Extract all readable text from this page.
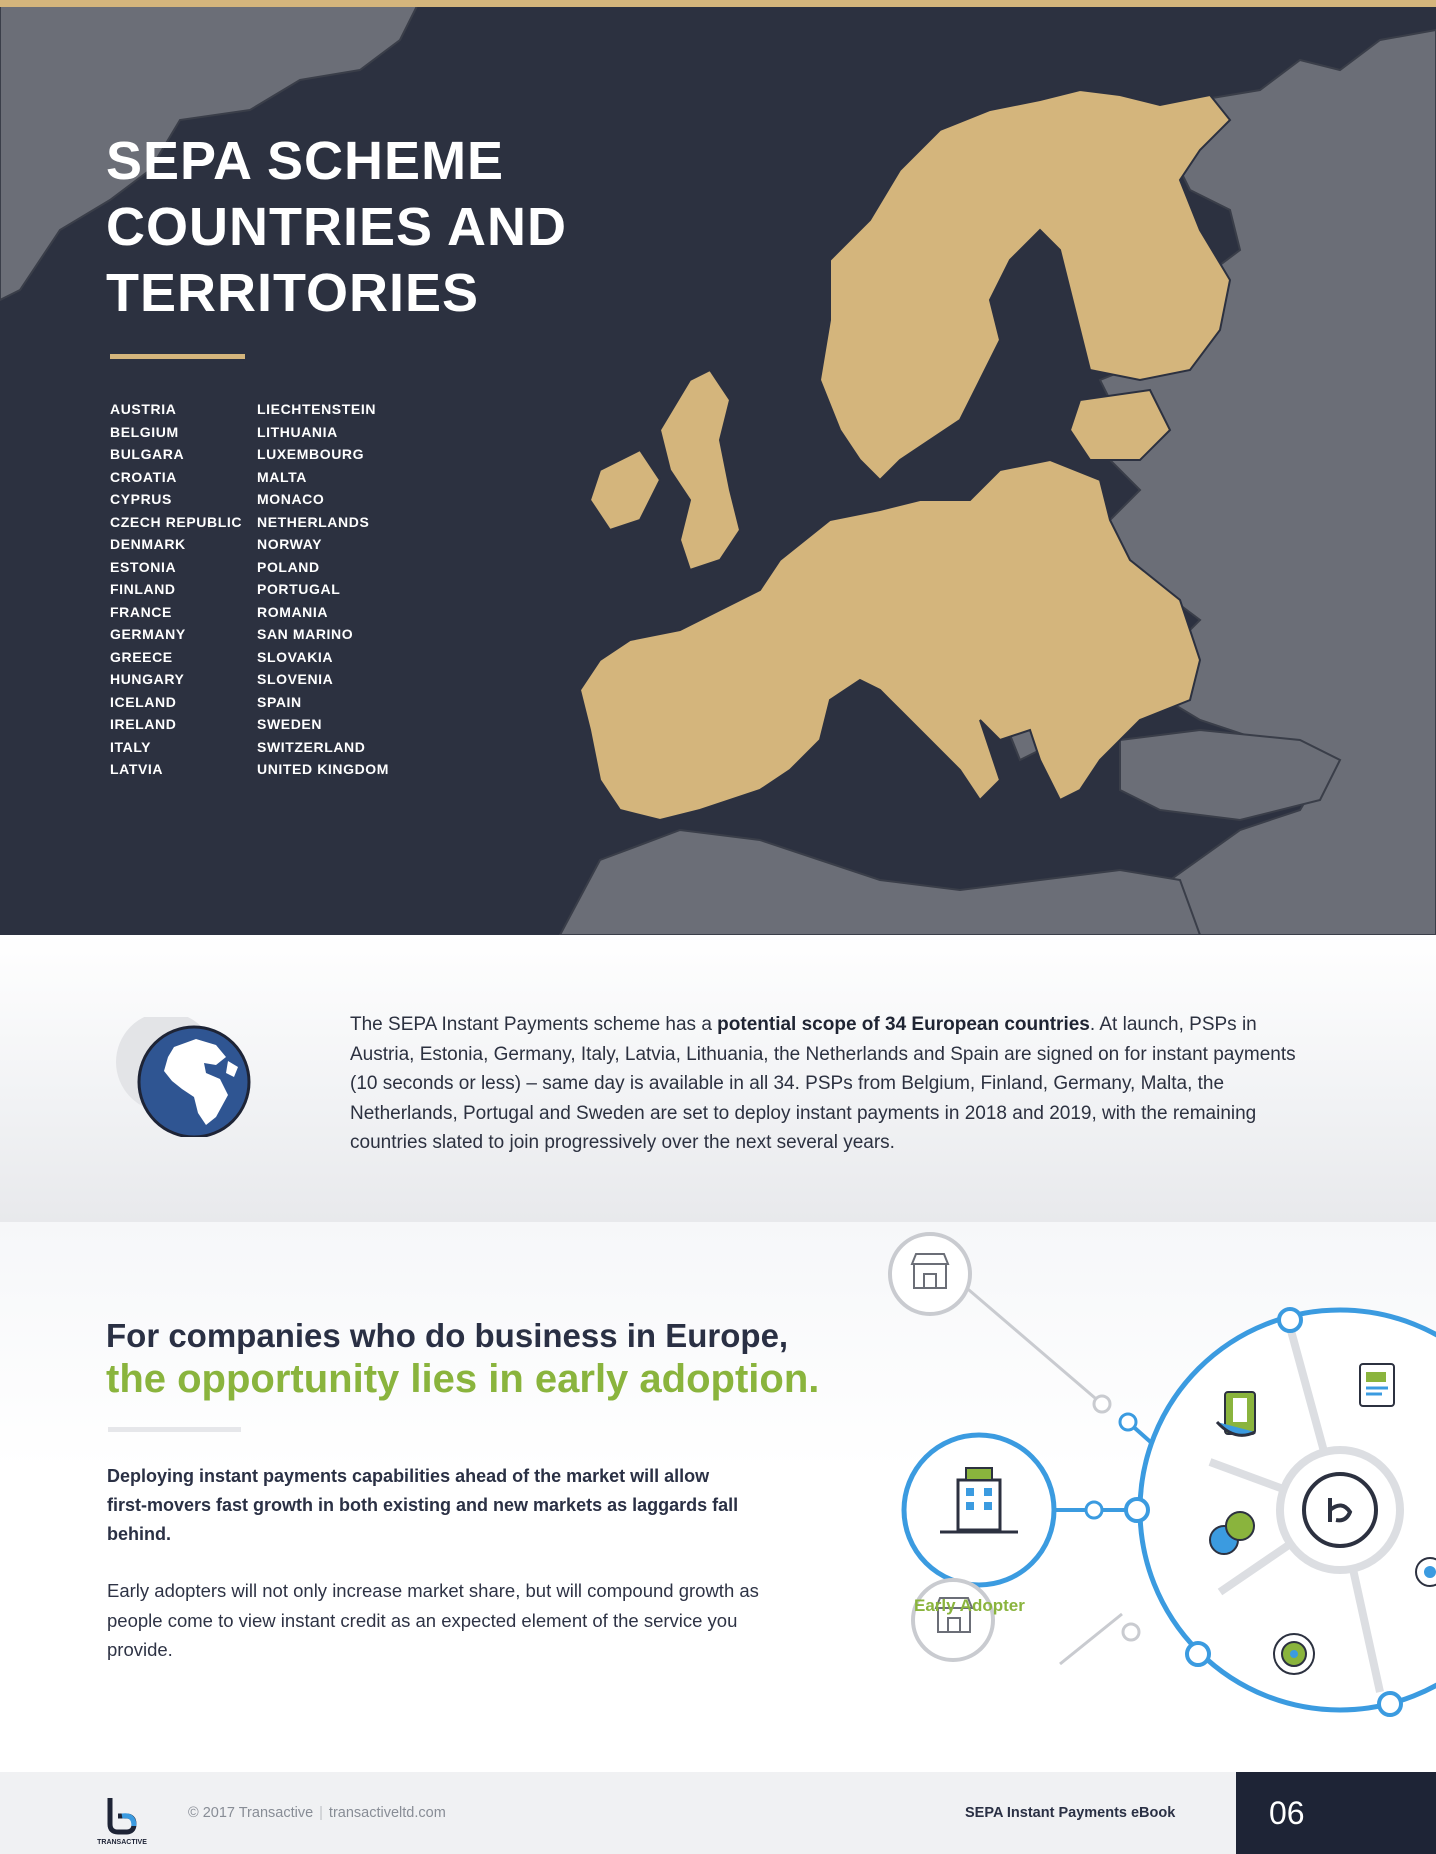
SEPA SCHEME
COUNTRIES AND
TERRITORIES
AUSTRIA
BELGIUM
BULGARA
CROATIA
CYPRUS
CZECH REPUBLIC
DENMARK
ESTONIA
FINLAND
FRANCE
GERMANY
GREECE
HUNGARY
ICELAND
IRELAND
ITALY
LATVIA
LIECHTENSTEIN
LITHUANIA
LUXEMBOURG
MALTA
MONACO
NETHERLANDS
NORWAY
POLAND
PORTUGAL
ROMANIA
SAN MARINO
SLOVAKIA
SLOVENIA
SPAIN
SWEDEN
SWITZERLAND
UNITED KINGDOM

The SEPA Instant Payments scheme has a potential scope of 34 European countries. At launch, PSPs in Austria, Estonia, Germany, Italy, Latvia, Lithuania, the Netherlands and Spain are signed on for instant payments (10 seconds or less) – same day is available in all 34. PSPs from Belgium, Finland, Germany, Malta, the Netherlands, Portugal and Sweden are set to deploy instant payments in 2018 and 2019, with the remaining countries slated to join progressively over the next several years.

For companies who do business in Europe,
the opportunity lies in early adoption.

Deploying instant payments capabilities ahead of the market will allow first-movers fast growth in both existing and new markets as laggards fall behind.

Early adopters will not only increase market share, but will compound growth as people come to view instant credit as an expected element of the service you provide.

Early Adopter
TRANSACTIVE
© 2017 Transactive | transactiveltd.com	SEPA Instant Payments eBook	06
